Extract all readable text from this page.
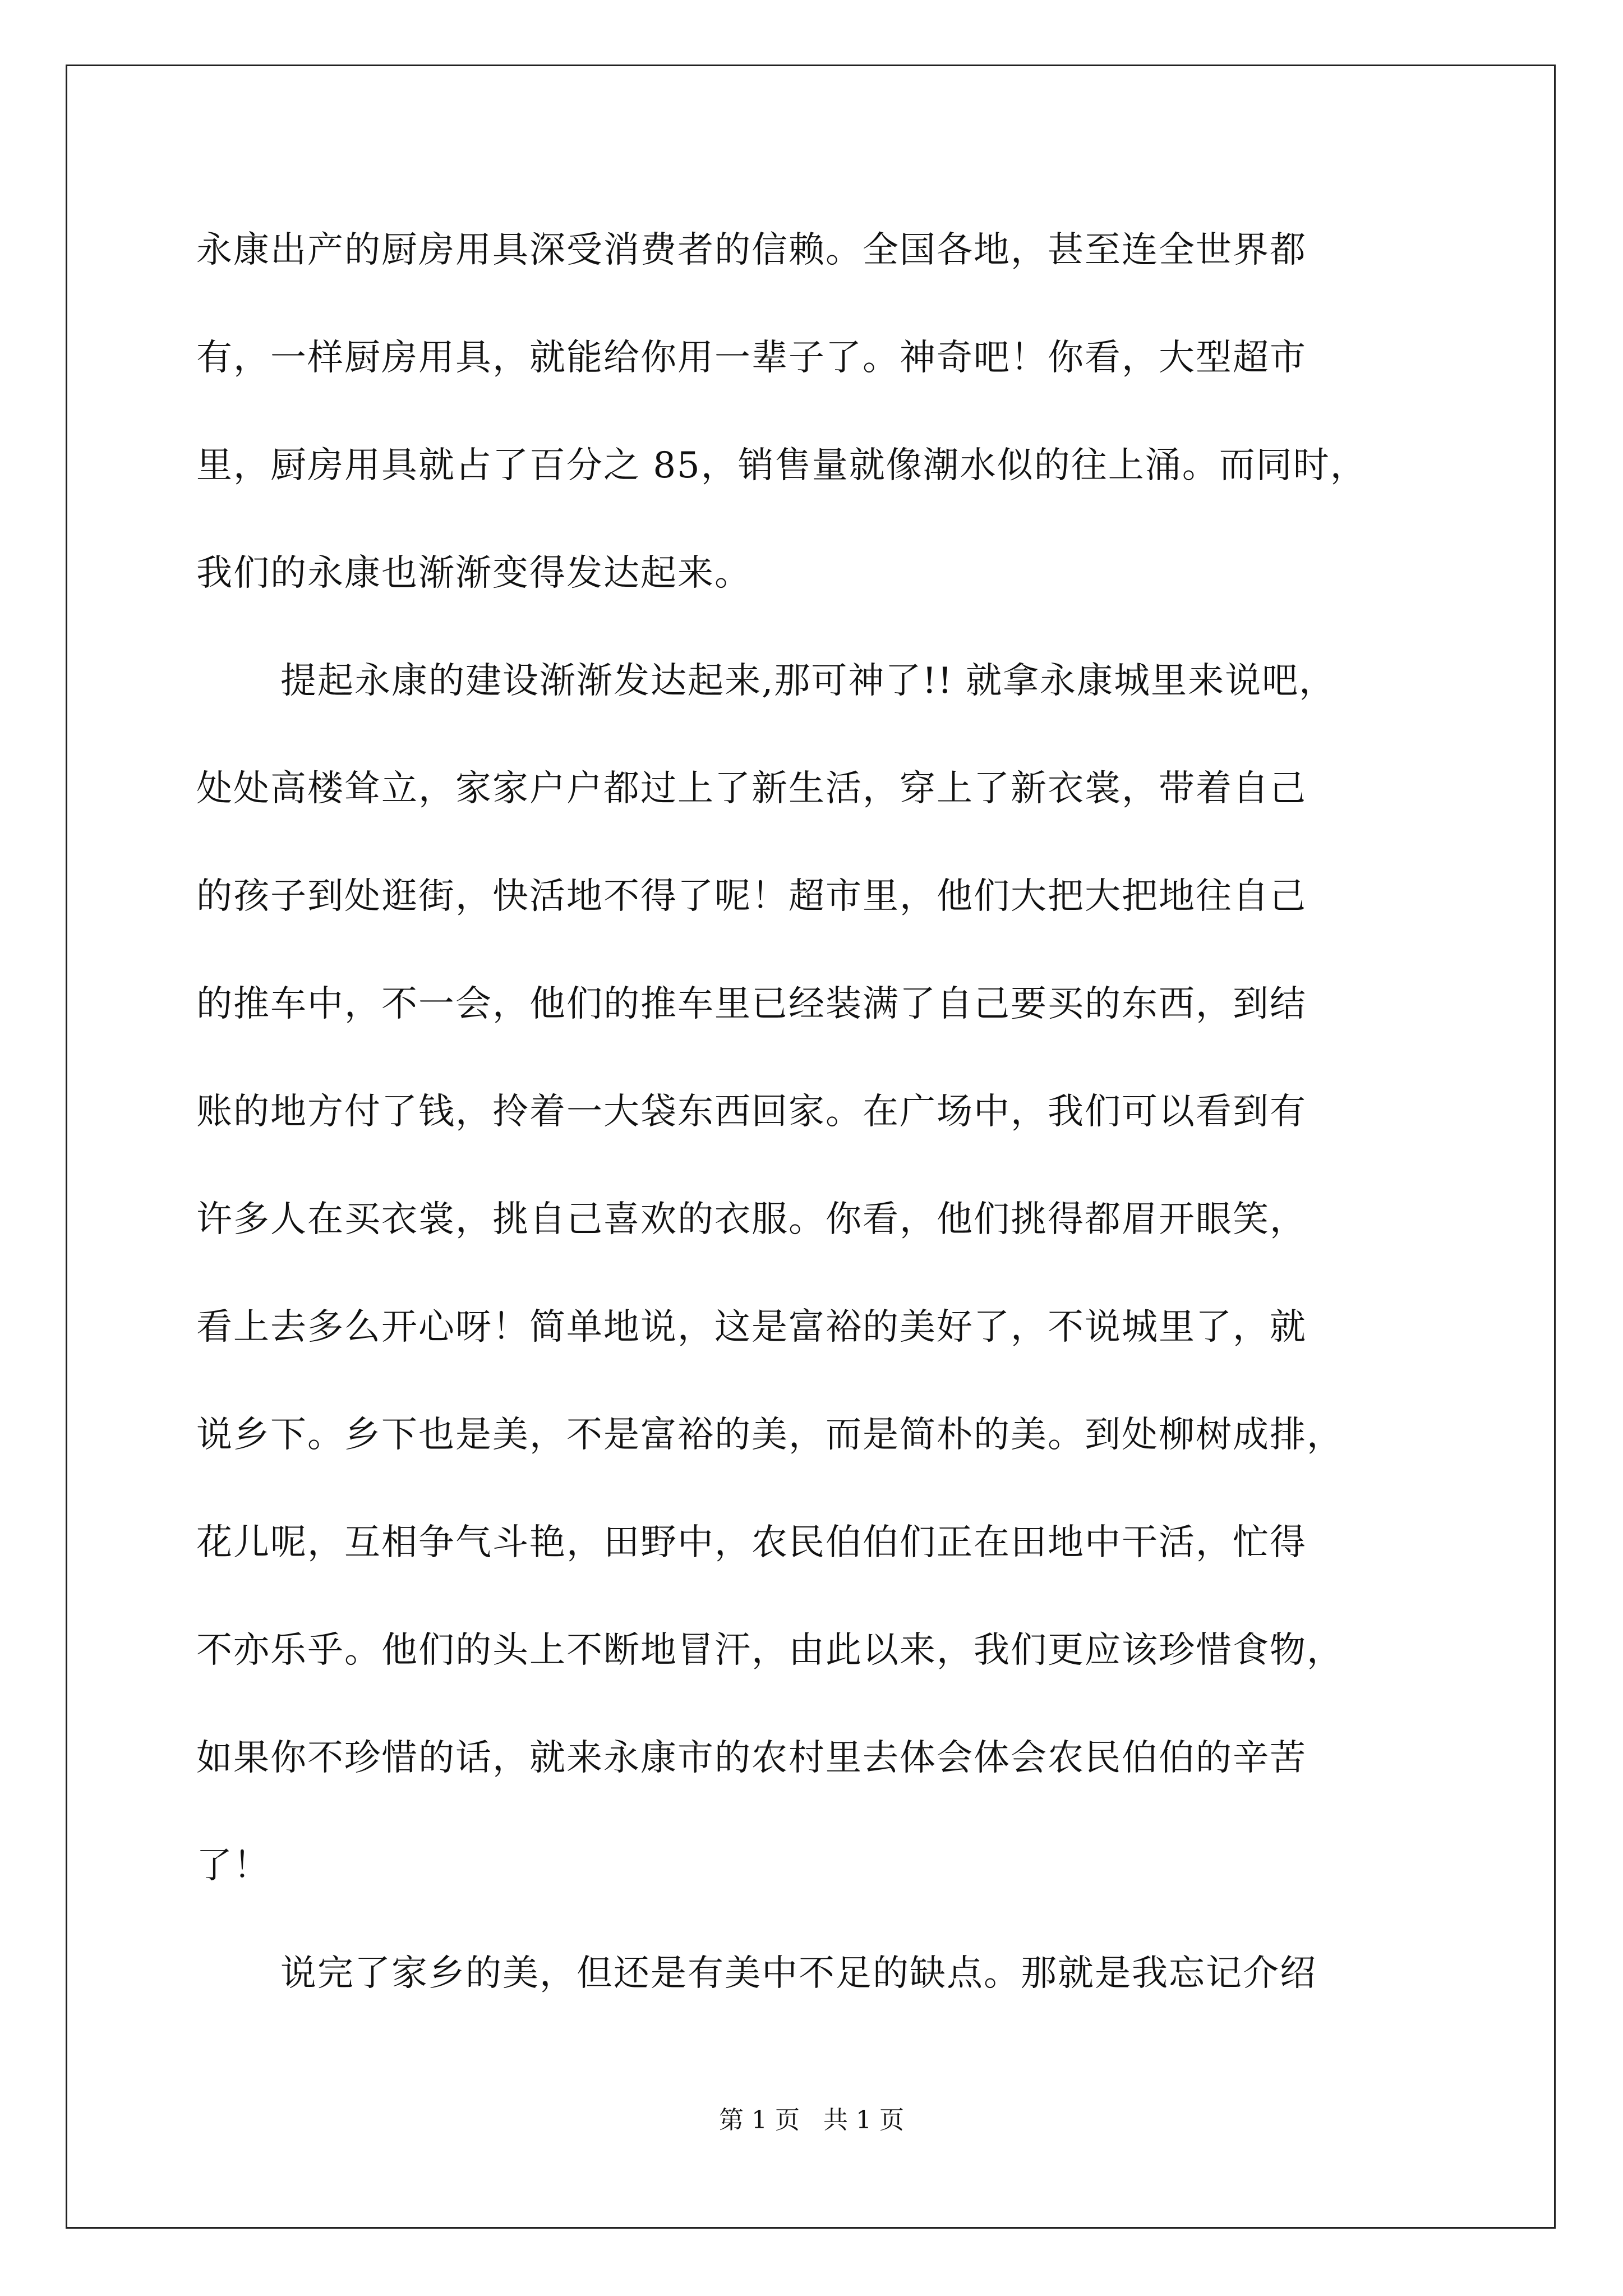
永康出产的厨房用具深受消费者的信赖。全国各地，甚至连全世界都
有，一样厨房用具，就能给你用一辈子了。神奇吧！你看，大型超市
里，厨房用具就占了百分之 85，销售量就像潮水似的往上涌。而同时，
我们的永康也渐渐变得发达起来。
提起永康的建设渐渐发达起来,那可神了!! 就拿永康城里来说吧，
处处高楼耸立，家家户户都过上了新生活，穿上了新衣裳，带着自己
的孩子到处逛街，快活地不得了呢！超市里，他们大把大把地往自己
的推车中，不一会，他们的推车里已经装满了自己要买的东西，到结
账的地方付了钱，拎着一大袋东西回家。在广场中，我们可以看到有
许多人在买衣裳，挑自己喜欢的衣服。你看，他们挑得都眉开眼笑，
看上去多么开心呀！简单地说，这是富裕的美好了，不说城里了，就
说乡下。乡下也是美，不是富裕的美，而是简朴的美。到处柳树成排，
花儿呢，互相争气斗艳，田野中，农民伯伯们正在田地中干活，忙得
不亦乐乎。他们的头上不断地冒汗，由此以来，我们更应该珍惜食物，
如果你不珍惜的话，就来永康市的农村里去体会体会农民伯伯的辛苦
了！
说完了家乡的美，但还是有美中不足的缺点。那就是我忘记介绍
第 1 页   共 1 页
